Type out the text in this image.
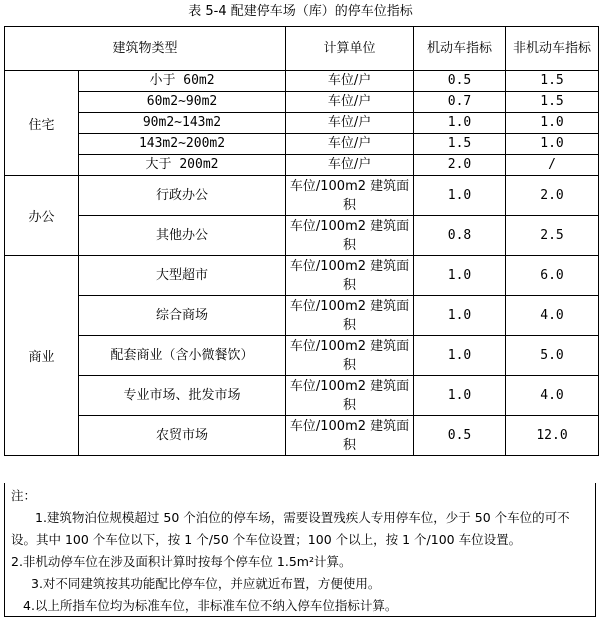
表 5-4 配建停车场（库）的停车位指标
建筑物类型		计算单位	机动车指标	非机动车指标
住宅	小于 60m2	车位/户	0.5	1.5
	60m2~90m2	车位/户	0.7	1.5
	90m2~143m2	车位/户	1.0	1.0
	143m2~200m2	车位/户	1.5	1.0
	大于 200m2	车位/户	2.0	/
办公	行政办公	车位/100m2 建筑面积	1.0	2.0
	其他办公	车位/100m2 建筑面积	0.8	2.5
商业	大型超市	车位/100m2 建筑面积	1.0	6.0
	综合商场	车位/100m2 建筑面积	1.0	4.0
	配套商业（含小微餐饮）	车位/100m2 建筑面积	1.0	5.0
	专业市场、批发市场	车位/100m2 建筑面积	1.0	4.0
	农贸市场	车位/100m2 建筑面积	0.5	12.0

注：

1.建筑物泊位规模超过 50 个泊位的停车场，需要设置残疾人专用停车位，少于 50 个车位的可不设。其中 100 个车位以下，按 1 个/50 个车位设置；100 个以上，按 1 个/100 车位设置。

2.非机动停车位在涉及面积计算时按每个停车位 1.5m²计算。

3.对不同建筑按其功能配比停车位，并应就近布置，方便使用。

4.以上所指车位均为标准车位，非标准车位不纳入停车位指标计算。
